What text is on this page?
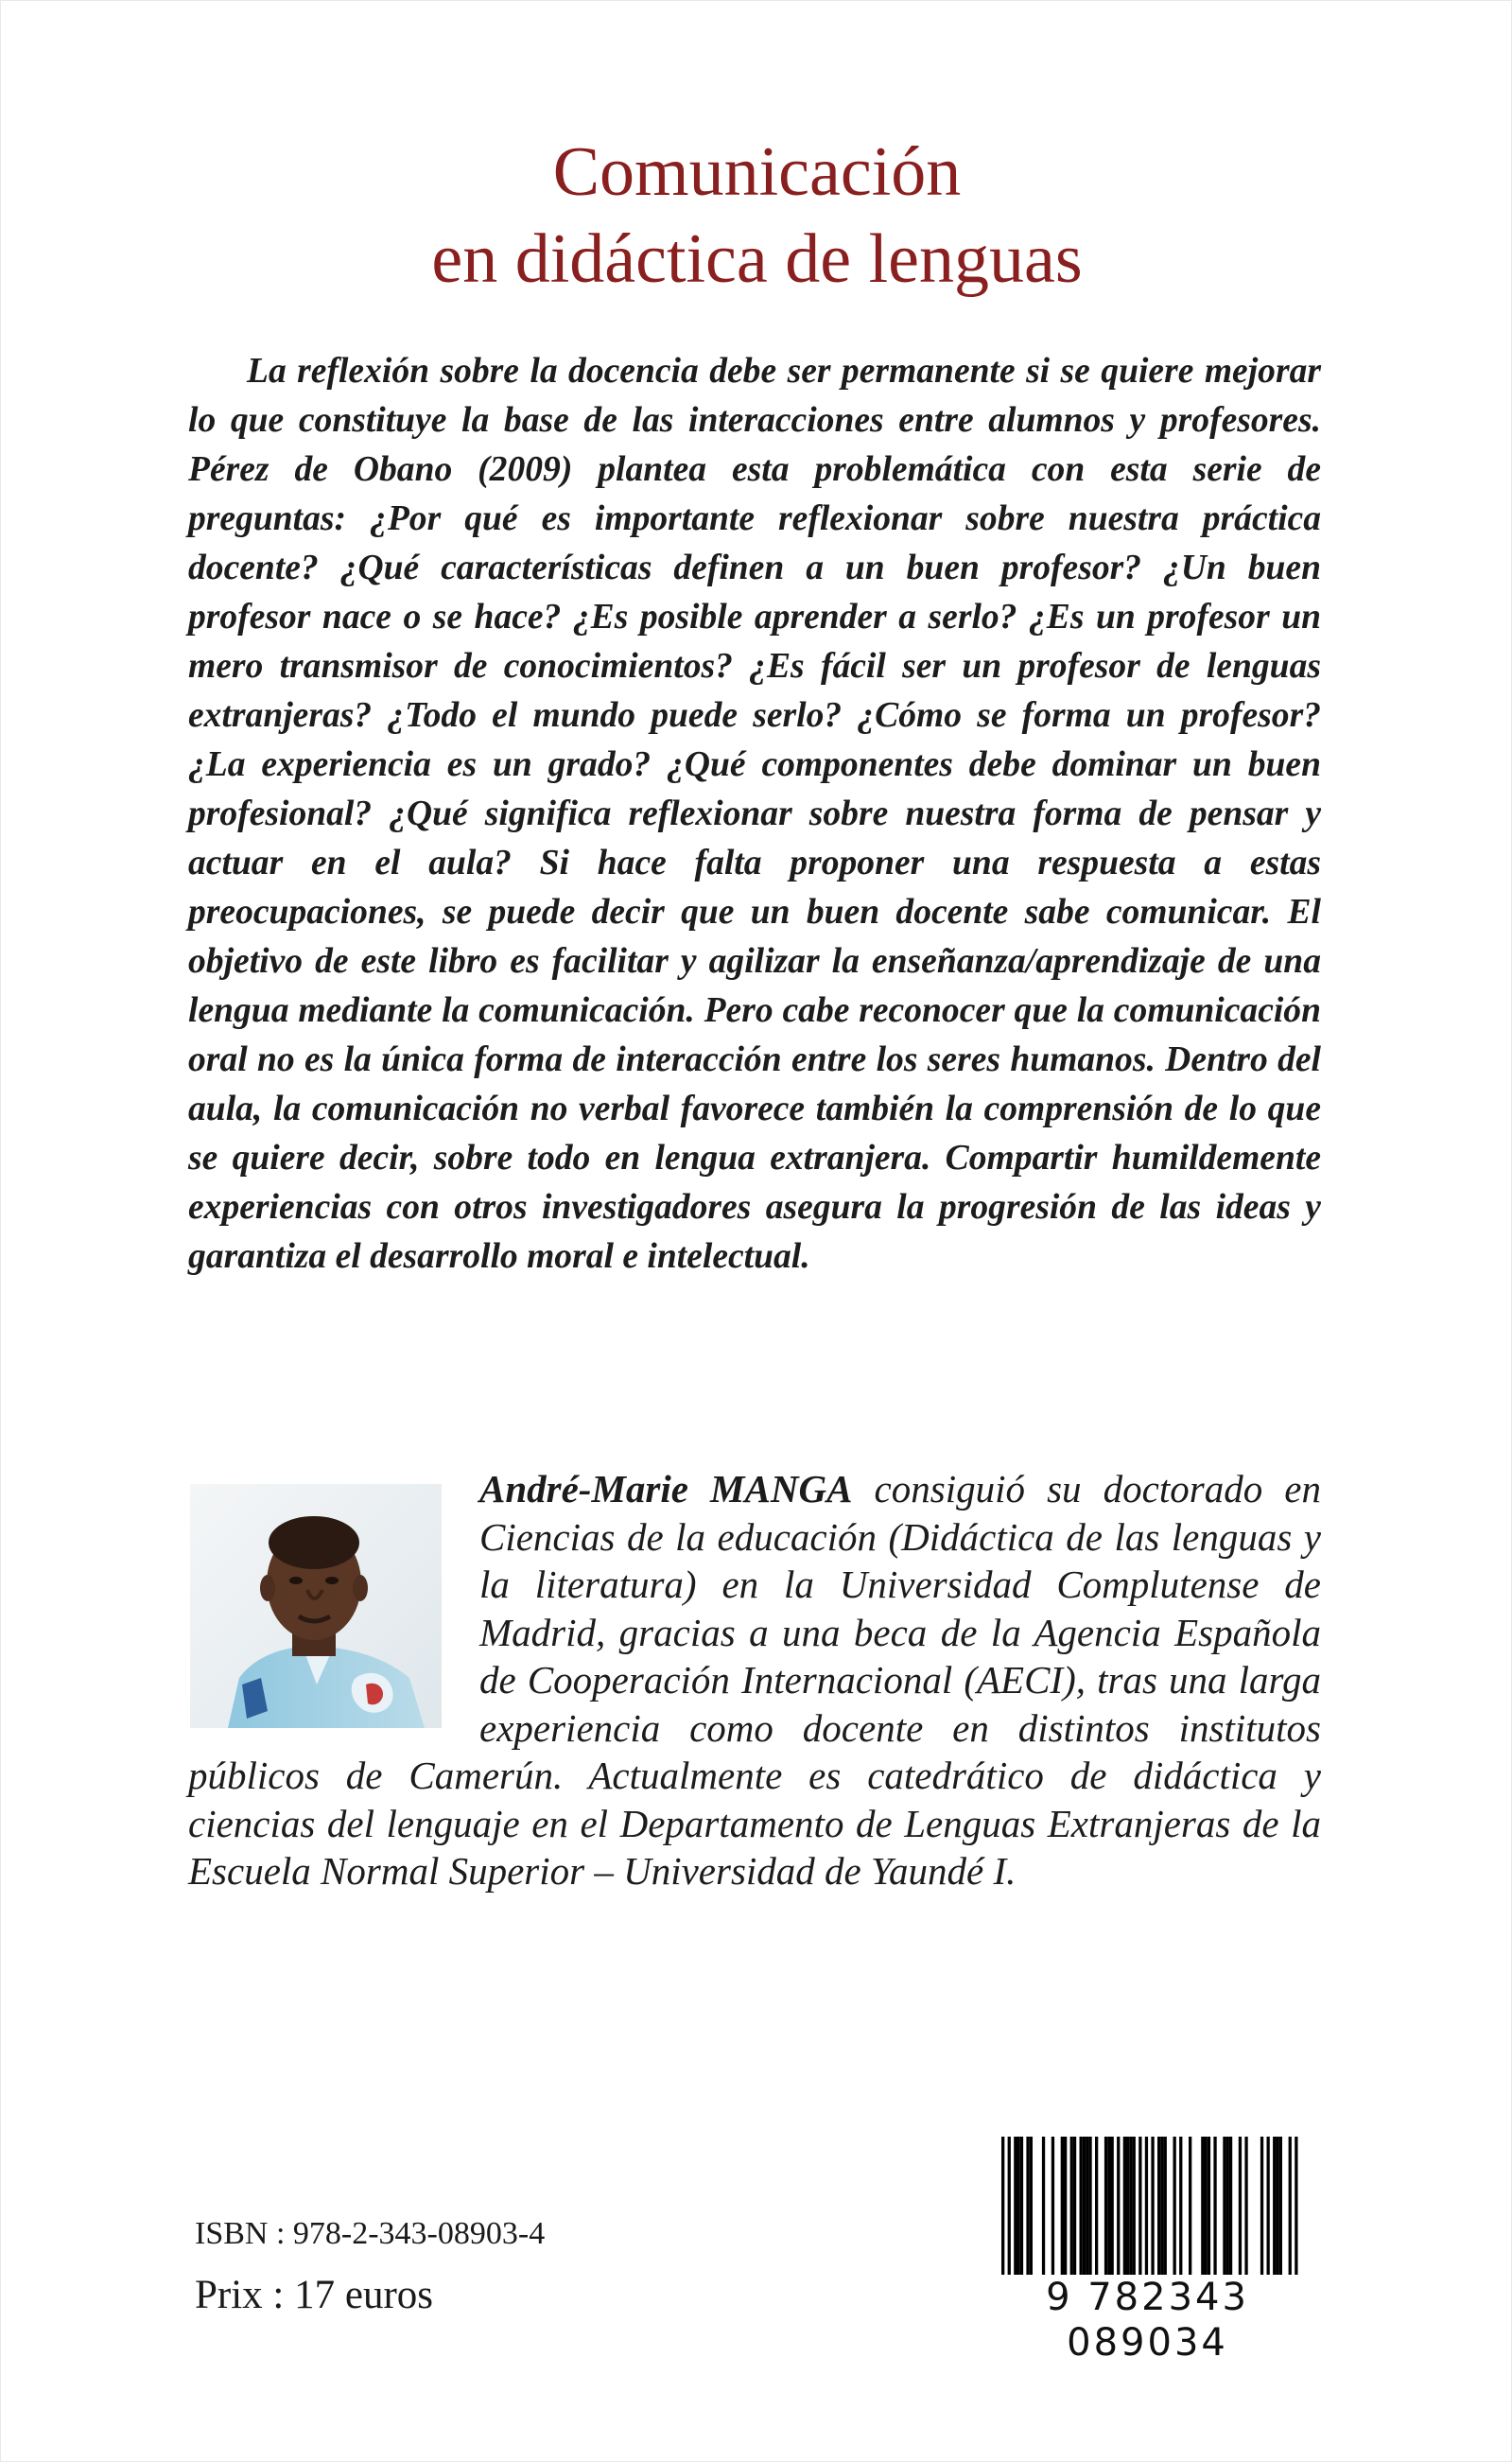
Comunicación
en didáctica de lenguas
La reflexión sobre la docencia debe ser permanente si se quiere mejorar lo que constituye la base de las interacciones entre alumnos y profesores. Pérez de Obano (2009) plantea esta problemática con esta serie de preguntas: ¿Por qué es importante reflexionar sobre nuestra práctica docente? ¿Qué características definen a un buen profesor? ¿Un buen profesor nace o se hace? ¿Es posible aprender a serlo? ¿Es un profesor un mero transmisor de conocimientos? ¿Es fácil ser un profesor de lenguas extranjeras? ¿Todo el mundo puede serlo? ¿Cómo se forma un profesor? ¿La experiencia es un grado? ¿Qué componentes debe dominar un buen profesional? ¿Qué significa reflexionar sobre nuestra forma de pensar y actuar en el aula? Si hace falta proponer una respuesta a estas preocupaciones, se puede decir que un buen docente sabe comunicar. El objetivo de este libro es facilitar y agilizar la enseñanza/aprendizaje de una lengua mediante la comunicación. Pero cabe reconocer que la comunicación oral no es la única forma de interacción entre los seres humanos. Dentro del aula, la comunicación no verbal favorece también la comprensión de lo que se quiere decir, sobre todo en lengua extranjera. Compartir humildemente experiencias con otros investigadores asegura la progresión de las ideas y garantiza el desarrollo moral e intelectual.
André-Marie MANGA consiguió su doctorado en Ciencias de la educación (Didáctica de las lenguas y la literatura) en la Universidad Complutense de Madrid, gracias a una beca de la Agencia Española de Cooperación Internacional (AECI), tras una larga experiencia como docente en distintos institutos públicos de Camerún. Actualmente es catedrático de didáctica y ciencias del lenguaje en el Departamento de Lenguas Extranjeras de la Escuela Normal Superior – Universidad de Yaundé I.
ISBN : 978-2-343-08903-4
Prix : 17 euros	9 782343 089034
